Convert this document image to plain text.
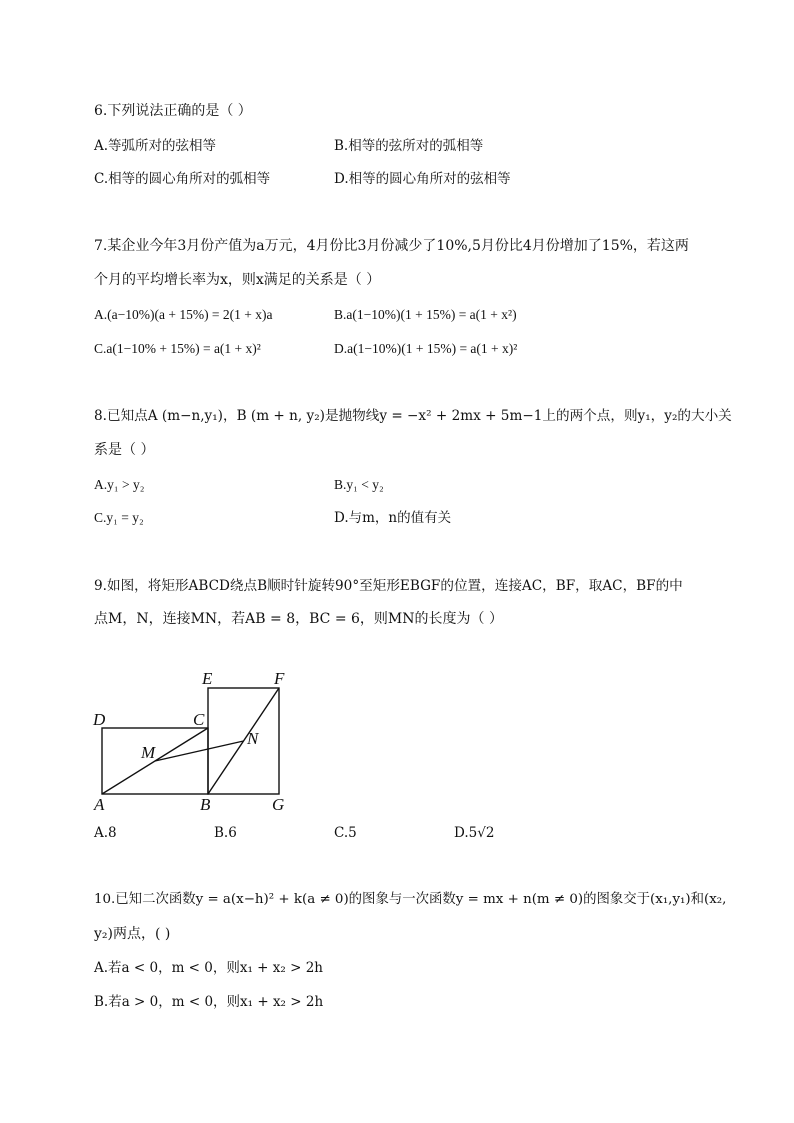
6.下列说法正确的是（ ）
A.等弧所对的弦相等	B.相等的弦所对的弧相等
C.相等的圆心角所对的弧相等	D.相等的圆心角所对的弦相等
7.某企业今年3月份产值为a万元，4月份比3月份减少了10%,5月份比4月份增加了15%，若这两
个月的平均增长率为x，则x满足的关系是（ ）
A.(a−10%)(a + 15%) = 2(1 + x)a	B.a(1−10%)(1 + 15%) = a(1 + x²)
C.a(1−10% + 15%) = a(1 + x)²	D.a(1−10%)(1 + 15%) = a(1 + x)²
8.已知点A (m−n,y₁)，B (m + n, y₂)是抛物线y = −x² + 2mx + 5m−1上的两个点，则y₁，y₂的大小关
系是（ ）
A.y₁ > y₂	B.y₁ < y₂
C.y₁ = y₂	D.与m，n的值有关
9.如图，将矩形ABCD绕点B顺时针旋转90°至矩形EBGF的位置，连接AC，BF，取AC，BF的中
点M，N，连接MN，若AB = 8，BC = 6，则MN的长度为（ ）
E	F
D	C
M
N
A	B	G
A.8	B.6	C.5	D.5√2
10.已知二次函数y = a(x−h)² + k(a ≠ 0)的图象与一次函数y = mx + n(m ≠ 0)的图象交于(x₁,y₁)和(x₂,
y₂)两点，( )
A.若a < 0，m < 0，则x₁ + x₂ > 2h
B.若a > 0，m < 0，则x₁ + x₂ > 2h
